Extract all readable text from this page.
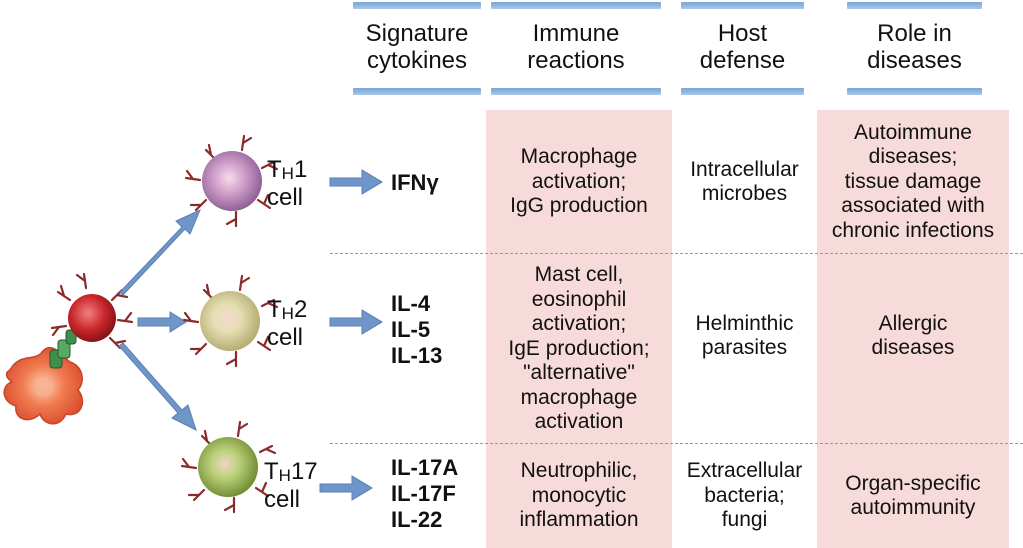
Signature
cytokines
Immune
reactions
Host
defense
Role in
diseases
$T_H1$
cell
$T_H2$
cell
$T_H17$
cell
IFNγ
IL-4
IL-5
IL-13
IL-17A
IL-17F
IL-22
Macrophage
activation;
IgG production
Intracellular
microbes
Autoimmune
diseases;
tissue damage
associated with
chronic infections
Mast cell,
eosinophil
activation;
IgE production;
"alternative"
macrophage
activation
Helminthic
parasites
Allergic
diseases
Neutrophilic,
monocytic
inflammation
Extracellular
bacteria;
fungi
Organ-specific
autoimmunity
